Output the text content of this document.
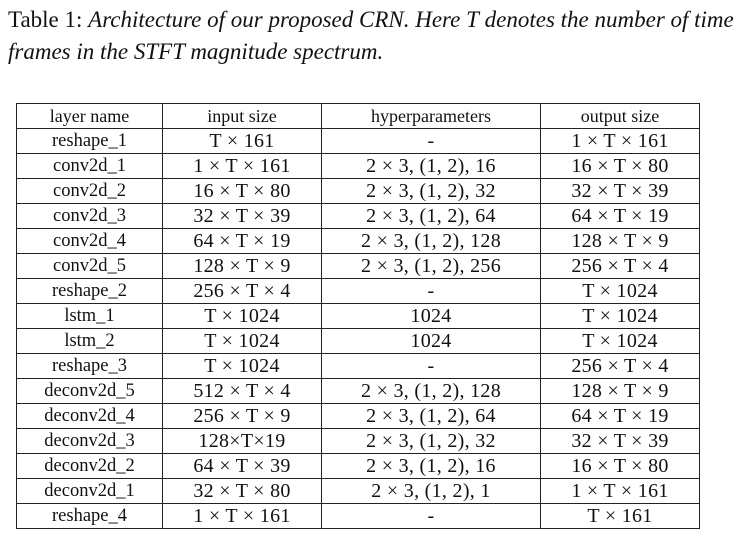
Table 1: Architecture of our proposed CRN. Here T denotes the number of time frames in the STFT magnitude spectrum.
layer name	input size	hyperparameters	output size
reshape_1	T × 161	-	1 × T × 161
conv2d_1	1 × T × 161	2 × 3, (1, 2), 16	16 × T × 80
conv2d_2	16 × T × 80	2 × 3, (1, 2), 32	32 × T × 39
conv2d_3	32 × T × 39	2 × 3, (1, 2), 64	64 × T × 19
conv2d_4	64 × T × 19	2 × 3, (1, 2), 128	128 × T × 9
conv2d_5	128 × T × 9	2 × 3, (1, 2), 256	256 × T × 4
reshape_2	256 × T × 4	-	T × 1024
lstm_1	T × 1024	1024	T × 1024
lstm_2	T × 1024	1024	T × 1024
reshape_3	T × 1024	-	256 × T × 4
deconv2d_5	512 × T × 4	2 × 3, (1, 2), 128	128 × T × 9
deconv2d_4	256 × T × 9	2 × 3, (1, 2), 64	64 × T × 19
deconv2d_3	128×T×19	2 × 3, (1, 2), 32	32 × T × 39
deconv2d_2	64 × T × 39	2 × 3, (1, 2), 16	16 × T × 80
deconv2d_1	32 × T × 80	2 × 3, (1, 2), 1	1 × T × 161
reshape_4	1 × T × 161	-	T × 161
